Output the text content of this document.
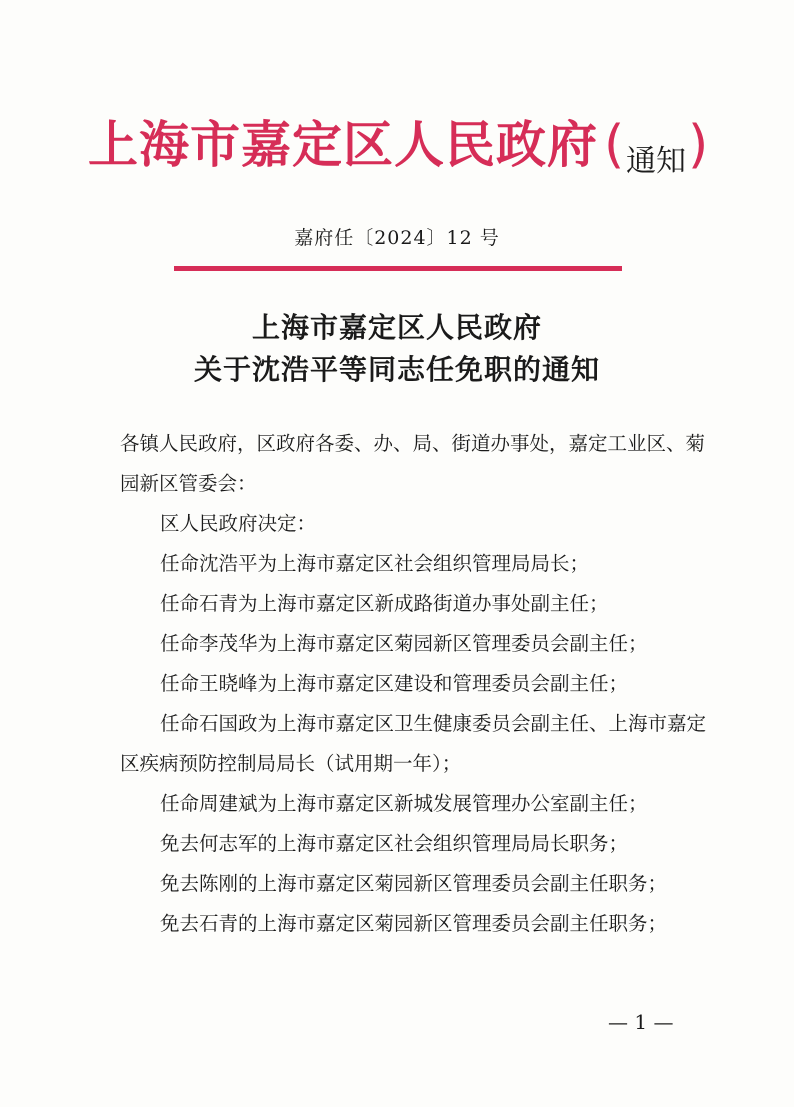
上海市嘉定区人民政府 ( 通知 )
嘉府任〔2024〕12 号
上海市嘉定区人民政府
关于沈浩平等同志任免职的通知

各镇人民政府，区政府各委、办、局、街道办事处，嘉定工业区、菊园新区管委会：

区人民政府决定：

任命沈浩平为上海市嘉定区社会组织管理局局长；

任命石青为上海市嘉定区新成路街道办事处副主任；

任命李茂华为上海市嘉定区菊园新区管理委员会副主任；

任命王晓峰为上海市嘉定区建设和管理委员会副主任；

任命石国政为上海市嘉定区卫生健康委员会副主任、上海市嘉定区疾病预防控制局局长（试用期一年）；

任命周建斌为上海市嘉定区新城发展管理办公室副主任；

免去何志军的上海市嘉定区社会组织管理局局长职务；

免去陈刚的上海市嘉定区菊园新区管理委员会副主任职务；

免去石青的上海市嘉定区菊园新区管理委员会副主任职务；

— 1 —
